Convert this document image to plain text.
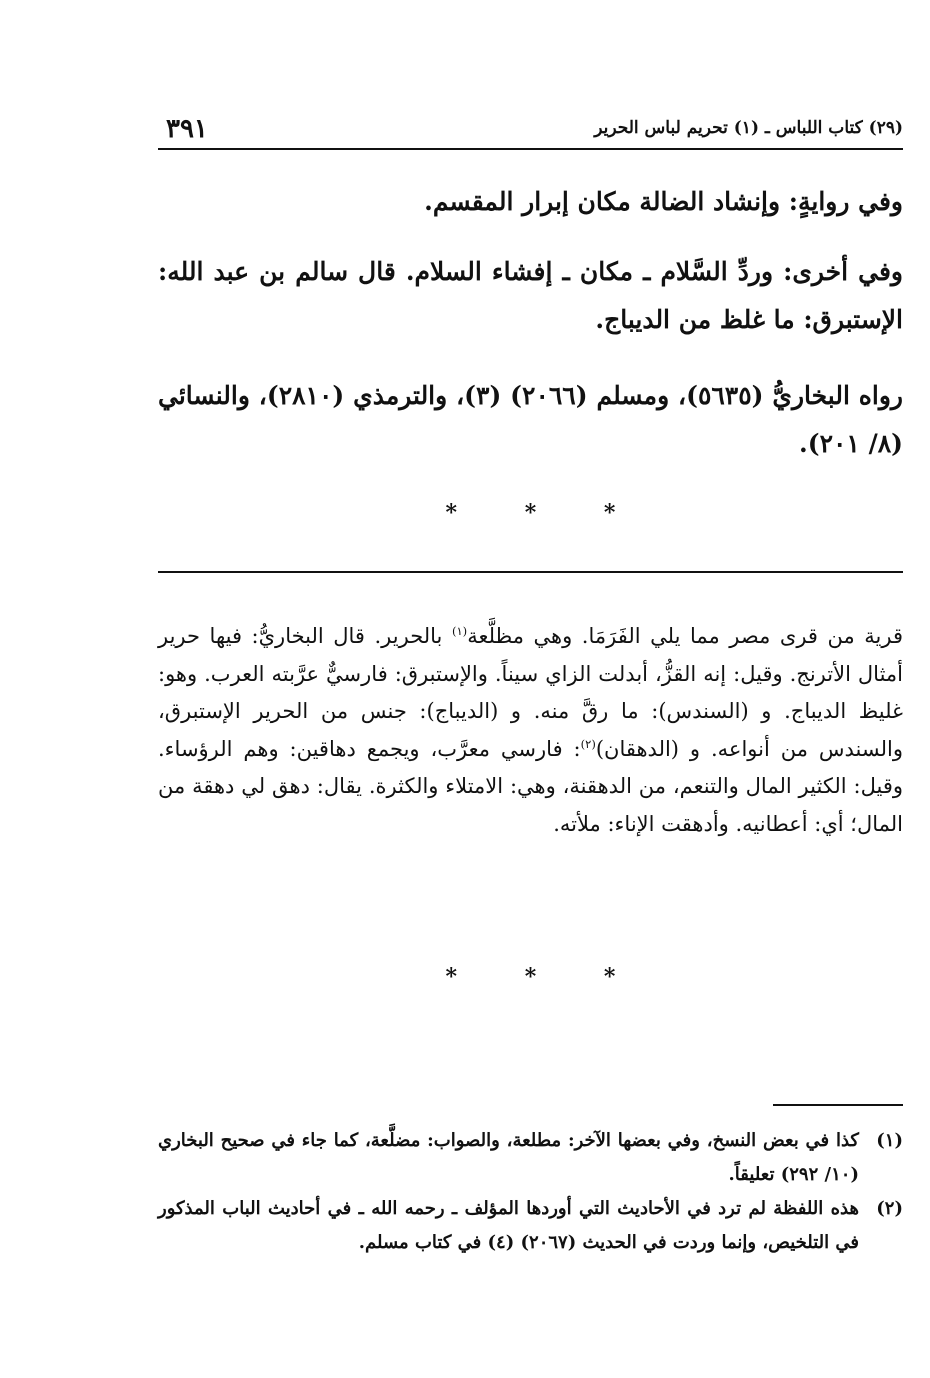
٣٩١	(٢٩) كتاب اللباس ـ (١) تحريم لباس الحرير
وفي روايةٍ: وإنشاد الضالة مكان إبرار المقسم.
وفي أخرى: وردِّ السَّلام ـ مكان ـ إفشاء السلام. قال سالم بن عبد الله: الإستبرق: ما غلظ من الديباج.
رواه البخاريُّ (٥٦٣٥)، ومسلم (٢٠٦٦) (٣)، والترمذي (٢٨١٠)، والنسائي (٨/ ٢٠١).
* * *
قرية من قرى مصر مما يلي الفَرَمَا. وهي مظلَّعة$^{(١)}$ بالحرير. قال البخاريُّ: فيها حرير أمثال الأترنج. وقيل: إنه القزُّ، أبدلت الزاي سيناً. والإستبرق: فارسيٌّ عرَّبته العرب. وهو: غليظ الديباج. و (السندس): ما رقَّ منه. و (الديباج): جنس من الحرير الإستبرق، والسندس من أنواعه. و (الدهقان)$^{(٢)}$: فارسي معرَّب، ويجمع دهاقين: وهم الرؤساء. وقيل: الكثير المال والتنعم، من الدهقنة، وهي: الامتلاء والكثرة. يقال: دهق لي دهقة من المال؛ أي: أعطانيه. وأدهقت الإناء: ملأته.
* * *
(١)
كذا في بعض النسخ، وفي بعضها الآخر: مطلعة، والصواب: مضلَّعة، كما جاء في صحيح البخاري (١٠/ ٢٩٢) تعليقاً.
(٢)
هذه اللفظة لم ترد في الأحاديث التي أوردها المؤلف ـ رحمه الله ـ في أحاديث الباب المذكور في التلخيص، وإنما وردت في الحديث (٢٠٦٧) (٤) في كتاب مسلم.
